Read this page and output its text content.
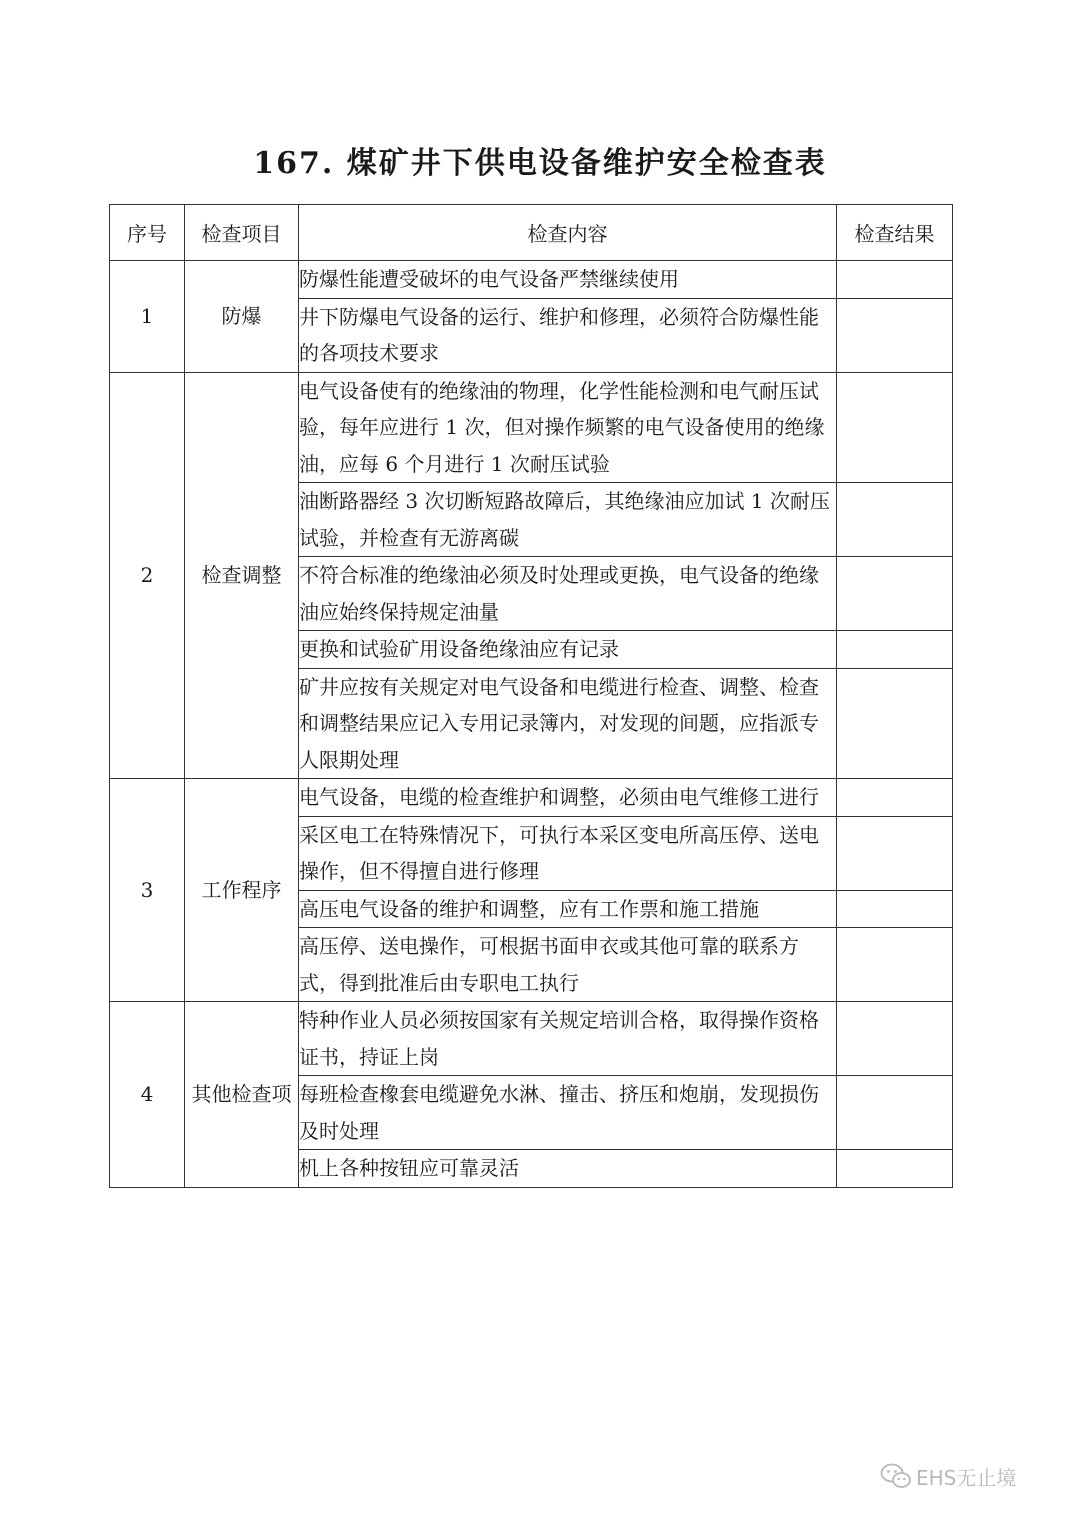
167. 煤矿井下供电设备维护安全检查表
序号	检查项目	检查内容	检查结果
1	防爆	防爆性能遭受破坏的电气设备严禁继续使用	
		井下防爆电气设备的运行、维护和修理，必须符合防爆性能的各项技术要求	
2	检查调整	电气设备使有的绝缘油的物理，化学性能检测和电气耐压试验，每年应进行 1 次，但对操作频繁的电气设备使用的绝缘油，应每 6 个月进行 1 次耐压试验	
		油断路器经 3 次切断短路故障后，其绝缘油应加试 1 次耐压试验，并检查有无游离碳	
		不符合标准的绝缘油必须及时处理或更换，电气设备的绝缘油应始终保持规定油量	
		更换和试验矿用设备绝缘油应有记录	
		矿井应按有关规定对电气设备和电缆进行检查、调整、检查和调整结果应记入专用记录簿内，对发现的间题，应指派专人限期处理	
3	工作程序	电气设备，电缆的检查维护和调整，必须由电气维修工进行	
		采区电工在特殊情况下，可执行本采区变电所高压停、送电操作，但不得擅自进行修理	
		高压电气设备的维护和调整，应有工作票和施工措施	
		高压停、送电操作，可根据书面申衣或其他可靠的联系方式，得到批准后由专职电工执行	
4	其他检查项	特种作业人员必须按国家有关规定培训合格，取得操作资格证书，持证上岗	
		每班检查橡套电缆避免水淋、撞击、挤压和炮崩，发现损伤及时处理	
		机上各种按钮应可靠灵活	
EHS无止境
